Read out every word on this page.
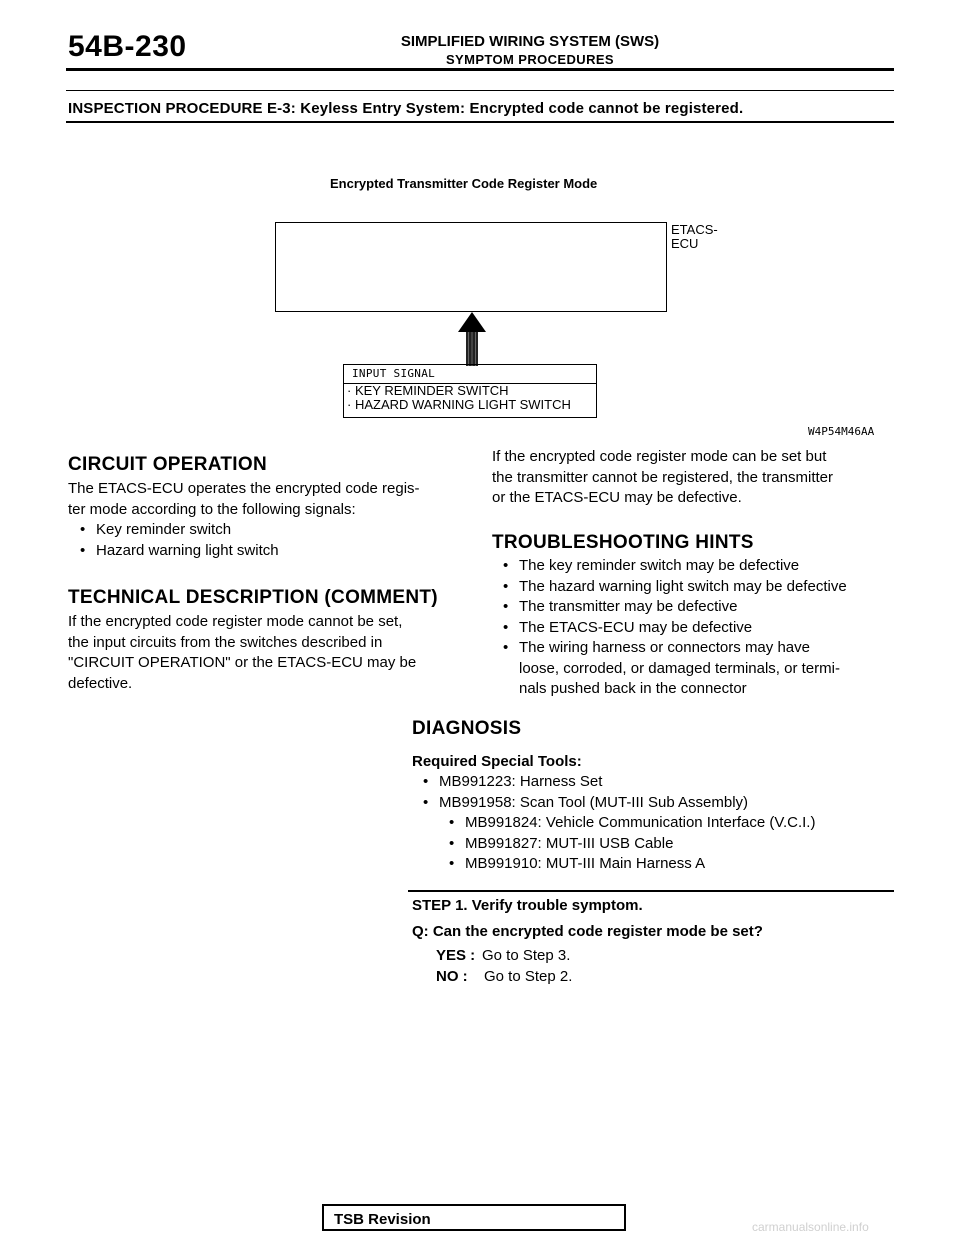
54B-230	SIMPLIFIED WIRING SYSTEM (SWS)
SYMPTOM PROCEDURES
INSPECTION PROCEDURE E-3: Keyless Entry System: Encrypted code cannot be registered.
Encrypted Transmitter Code Register Mode
ETACS-
ECU
INPUT SIGNAL
· KEY REMINDER SWITCH
· HAZARD WARNING LIGHT SWITCH
W4P54M46AA
CIRCUIT OPERATION
The ETACS-ECU operates the encrypted code regis-
ter mode according to the following signals:
• Key reminder switch
• Hazard warning light switch
TECHNICAL DESCRIPTION (COMMENT)
If the encrypted code register mode cannot be set,
the input circuits from the switches described in
"CIRCUIT OPERATION" or the ETACS-ECU may be
defective.
If the encrypted code register mode can be set but
the transmitter cannot be registered, the transmitter
or the ETACS-ECU may be defective.
TROUBLESHOOTING HINTS
• The key reminder switch may be defective
• The hazard warning light switch may be defective
• The transmitter may be defective
• The ETACS-ECU may be defective
• The wiring harness or connectors may have
loose, corroded, or damaged terminals, or termi-
nals pushed back in the connector
DIAGNOSIS
Required Special Tools:
• MB991223: Harness Set
• MB991958: Scan Tool (MUT-III Sub Assembly)
• MB991824: Vehicle Communication Interface (V.C.I.)
• MB991827: MUT-III USB Cable
• MB991910: MUT-III Main Harness A
STEP 1. Verify trouble symptom.
Q: Can the encrypted code register mode be set?
YES : Go to Step 3.
NO : Go to Step 2.
TSB Revision	carmanualsonline.info
